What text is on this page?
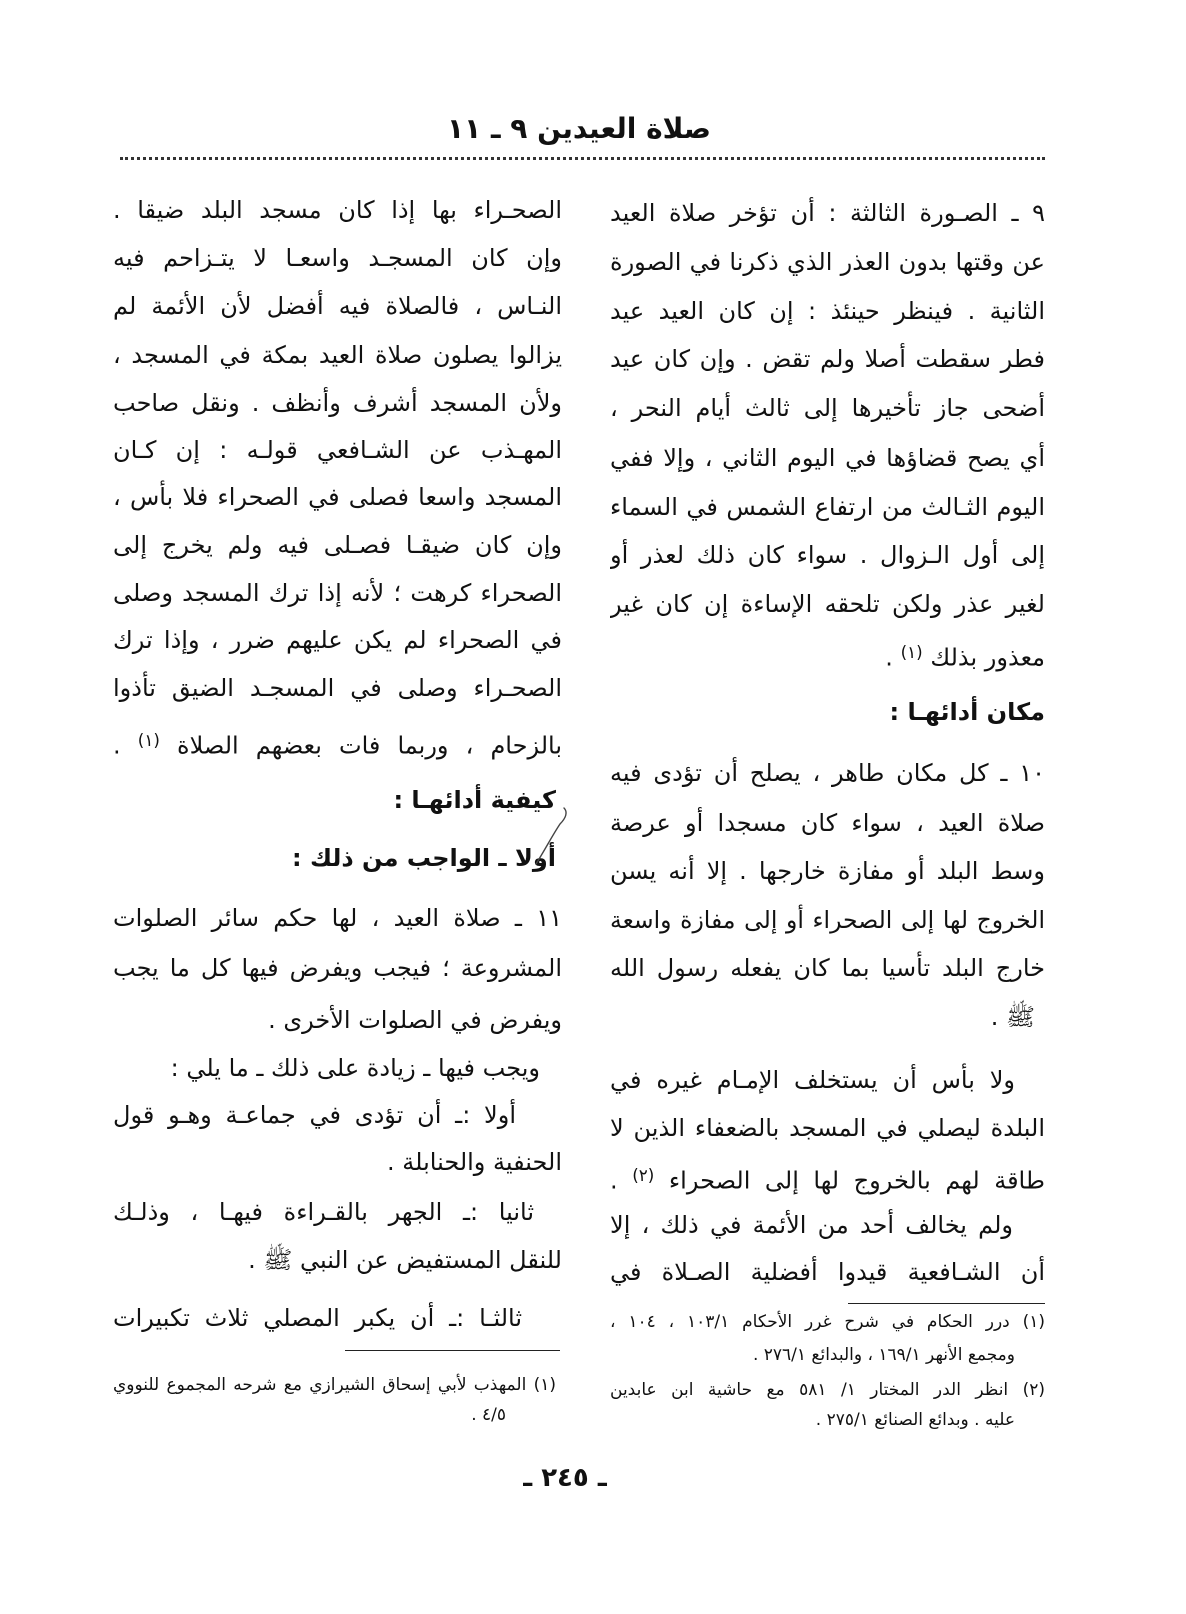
صلاة العيدين ٩ ـ ١١
٩ ـ الصـورة الثالثة : أن تؤخر صلاة العيد
عن وقتها بدون العذر الذي ذكرنا في الصورة
الثانية . فينظر حينئذ : إن كان العيد عيد
فطر سقطت أصلا ولم تقض . وإن كان عيد
أضحى جاز تأخيرها إلى ثالث أيام النحر ،
أي يصح قضاؤها في اليوم الثاني ، وإلا ففي
اليوم الثـالث من ارتفاع الشمس في السماء
إلى أول الـزوال . سواء كان ذلك لعذر أو
لغير عذر ولكن تلحقه الإساءة إن كان غير
معذور بذلك $^{(١)}$ .
مكان أدائهـا :
١٠ ـ كل مكان طاهر ، يصلح أن تؤدى فيه
صلاة العيد ، سواء كان مسجدا أو عرصة
وسط البلد أو مفازة خارجها . إلا أنه يسن
الخروج لها إلى الصحراء أو إلى مفازة واسعة
خارج البلد تأسيا بما كان يفعله رسول الله
ﷺ .
ولا بأس أن يستخلف الإمـام غيره في
البلدة ليصلي في المسجد بالضعفاء الذين لا
طاقة لهم بالخروج لها إلى الصحراء $^{(٢)}$ .
ولم يخالف أحد من الأئمة في ذلك ، إلا
أن الشـافعية قيدوا أفضلية الصـلاة في
الصحـراء بها إذا كان مسجد البلد ضيقا .
وإن كان المسجـد واسعـا لا يتـزاحم فيه
النـاس ، فالصلاة فيه أفضل لأن الأئمة لم
يزالوا يصلون صلاة العيد بمكة في المسجد ،
ولأن المسجد أشرف وأنظف . ونقل صاحب
المهـذب عن الشـافعي قولـه : إن كـان
المسجد واسعا فصلى في الصحراء فلا بأس ،
وإن كان ضيقـا فصـلى فيه ولم يخرج إلى
الصحراء كرهت ؛ لأنه إذا ترك المسجد وصلى
في الصحراء لم يكن عليهم ضرر ، وإذا ترك
الصحـراء وصلى في المسجـد الضيق تأذوا
بالزحام ، وربما فات بعضهم الصلاة $^{(١)}$ .
كيفية أدائهـا :
أولا ـ الواجب من ذلك :
١١ ـ صلاة العيد ، لها حكم سائر الصلوات
المشروعة ؛ فيجب ويفرض فيها كل ما يجب
ويفرض في الصلوات الأخرى .
ويجب فيها ـ زيادة على ذلك ـ ما يلي :
أولا :ـ أن تؤدى في جماعـة وهـو قول
الحنفية والحنابلة .
ثانيا :ـ الجهر بالقـراءة فيهـا ، وذلـك
للنقل المستفيض عن النبي ﷺ .
ثالثـا :ـ أن يكبر المصلي ثلاث تكبيرات	(١) درر الحكام في شرح غرر الأحكام ١٠٣/١ ، ١٠٤ ،
ومجمع الأنهر ١٦٩/١ ، والبدائع ٢٧٦/١ .
(٢) انظر الدر المختار ١/ ٥٨١ مع حاشية ابن عابدين
عليه . وبدائع الصنائع ٢٧٥/١ .
(١) المهذب لأبي إسحاق الشيرازي مع شرحه المجموع للنووي
٤/٥ .
ـ ٢٤٥ ـ
